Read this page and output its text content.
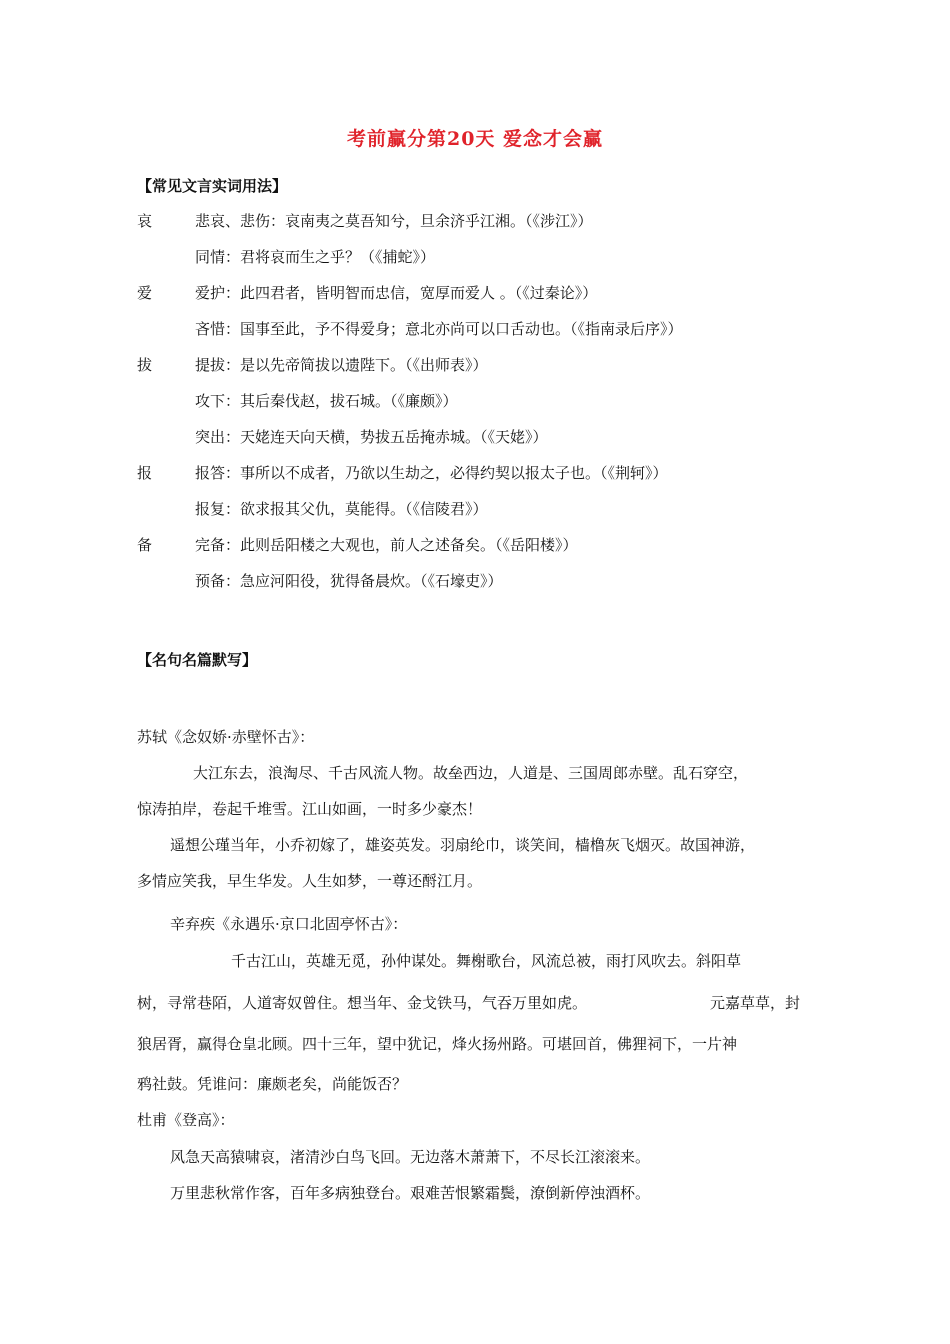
考前赢分第20天 爱念才会赢
【常见文言实词用法】
哀	悲哀、悲伤：哀南夷之莫吾知兮，旦余济乎江湘。（《涉江》）
同情：君将哀而生之乎？（《捕蛇》）
爱	爱护：此四君者，皆明智而忠信，宽厚而爱人 。（《过秦论》）
吝惜：国事至此，予不得爱身；意北亦尚可以口舌动也。（《指南录后序》）
拔	提拔：是以先帝简拔以遗陛下。（《出师表》）
攻下：其后秦伐赵，拔石城。（《廉颇》）
突出：天姥连天向天横，势拔五岳掩赤城。（《天姥》）
报	报答：事所以不成者，乃欲以生劫之，必得约契以报太子也。（《荆轲》）
报复：欲求报其父仇，莫能得。（《信陵君》）
备	完备：此则岳阳楼之大观也，前人之述备矣。（《岳阳楼》）
预备：急应河阳役，犹得备晨炊。（《石壕吏》）
【名句名篇默写】
苏轼《念奴娇·赤壁怀古》：
大江东去，浪淘尽、千古风流人物。故垒西边，人道是、三国周郎赤壁。乱石穿空，
惊涛拍岸，卷起千堆雪。江山如画，一时多少豪杰！
遥想公瑾当年，小乔初嫁了，雄姿英发。羽扇纶巾，谈笑间，樯橹灰飞烟灭。故国神游，
多情应笑我，早生华发。人生如梦，一尊还酹江月。
辛弃疾《永遇乐·京口北固亭怀古》：
千古江山，英雄无觅，孙仲谋处。舞榭歌台，风流总被，雨打风吹去。斜阳草
树，寻常巷陌，人道寄奴曾住。想当年、金戈铁马，气吞万里如虎。	元嘉草草，封
狼居胥，赢得仓皇北顾。四十三年，望中犹记，烽火扬州路。可堪回首，佛狸祠下，一片神
鸦社鼓。凭谁问：廉颇老矣，尚能饭否？
杜甫《登高》：
风急天高猿啸哀，渚清沙白鸟飞回。无边落木萧萧下，不尽长江滚滚来。
万里悲秋常作客，百年多病独登台。艰难苦恨繁霜鬓，潦倒新停浊酒杯。
